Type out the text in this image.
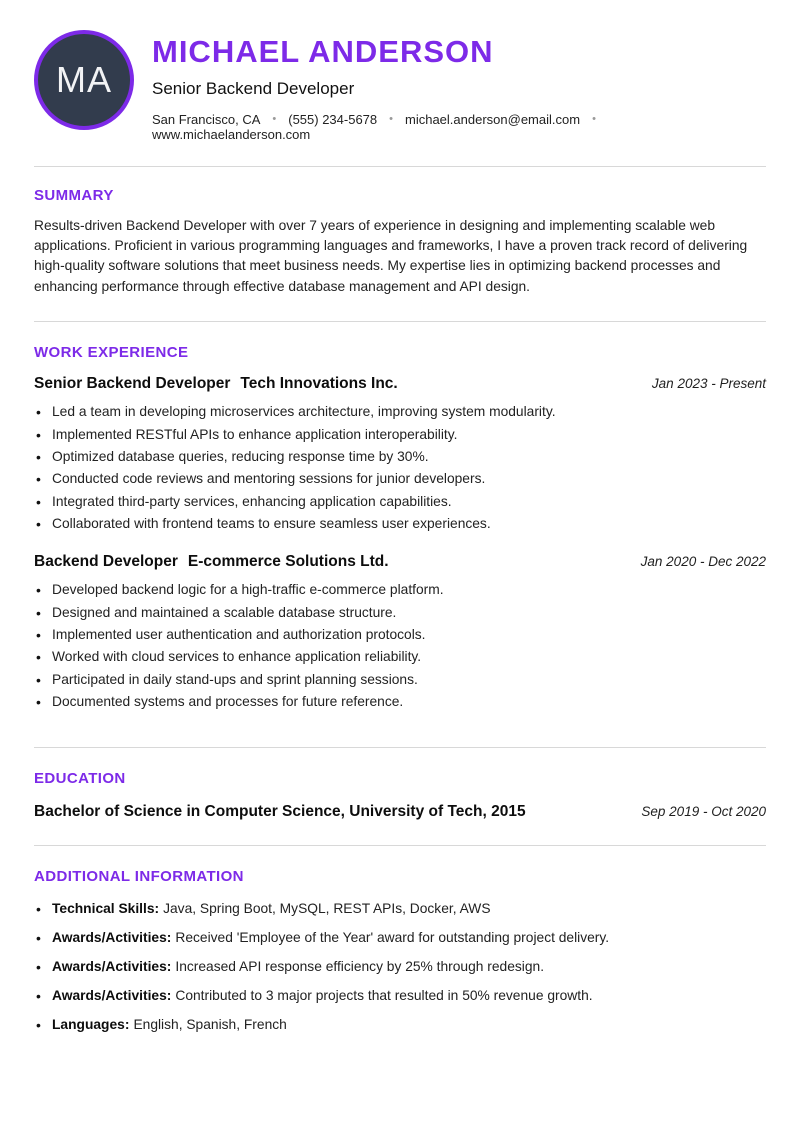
MA
MICHAEL ANDERSON
Senior Backend Developer
San Francisco, CA • (555) 234-5678 • michael.anderson@email.com •
www.michaelanderson.com
SUMMARY

Results-driven Backend Developer with over 7 years of experience in designing and implementing scalable web applications. Proficient in various programming languages and frameworks, I have a proven track record of delivering high-quality software solutions that meet business needs. My expertise lies in optimizing backend processes and enhancing performance through effective database management and API design.

WORK EXPERIENCE
Senior Backend Developer Tech Innovations Inc.	Jan 2023 - Present
• Led a team in developing microservices architecture, improving system modularity.
• Implemented RESTful APIs to enhance application interoperability.
• Optimized database queries, reducing response time by 30%.
• Conducted code reviews and mentoring sessions for junior developers.
• Integrated third-party services, enhancing application capabilities.
• Collaborated with frontend teams to ensure seamless user experiences.
Backend Developer E-commerce Solutions Ltd.	Jan 2020 - Dec 2022
• Developed backend logic for a high-traffic e-commerce platform.
• Designed and maintained a scalable database structure.
• Implemented user authentication and authorization protocols.
• Worked with cloud services to enhance application reliability.
• Participated in daily stand-ups and sprint planning sessions.
• Documented systems and processes for future reference.
EDUCATION
Bachelor of Science in Computer Science, University of Tech, 2015	Sep 2019 - Oct 2020
ADDITIONAL INFORMATION
• Technical Skills: Java, Spring Boot, MySQL, REST APIs, Docker, AWS
• Awards/Activities: Received 'Employee of the Year' award for outstanding project delivery.
• Awards/Activities: Increased API response efficiency by 25% through redesign.
• Awards/Activities: Contributed to 3 major projects that resulted in 50% revenue growth.
• Languages: English, Spanish, French
